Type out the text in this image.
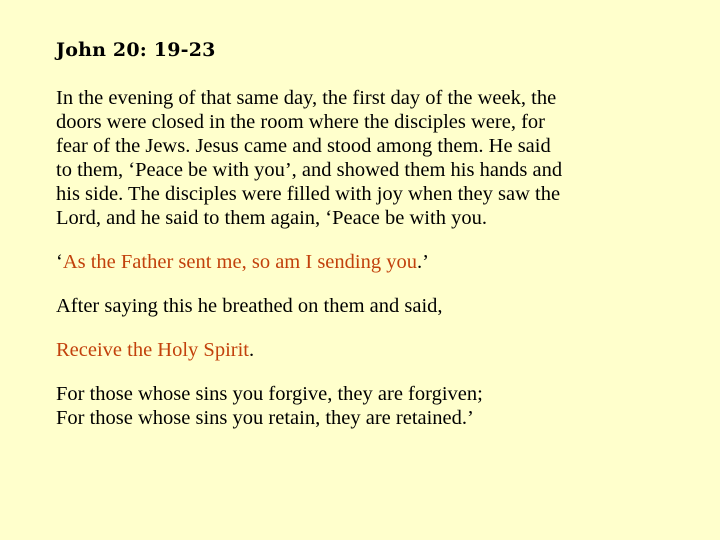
John 20: 19-23

In the evening of that same day, the first day of the week, the
doors were closed in the room where the disciples were, for
fear of the Jews. Jesus came and stood among them. He said
to them, ‘Peace be with you’, and showed them his hands and
his side. The disciples were filled with joy when they saw the
Lord, and he said to them again, ‘Peace be with you.

‘As the Father sent me, so am I sending you.’

After saying this he breathed on them and said,

Receive the Holy Spirit.

For those whose sins you forgive, they are forgiven;
For those whose sins you retain, they are retained.’
